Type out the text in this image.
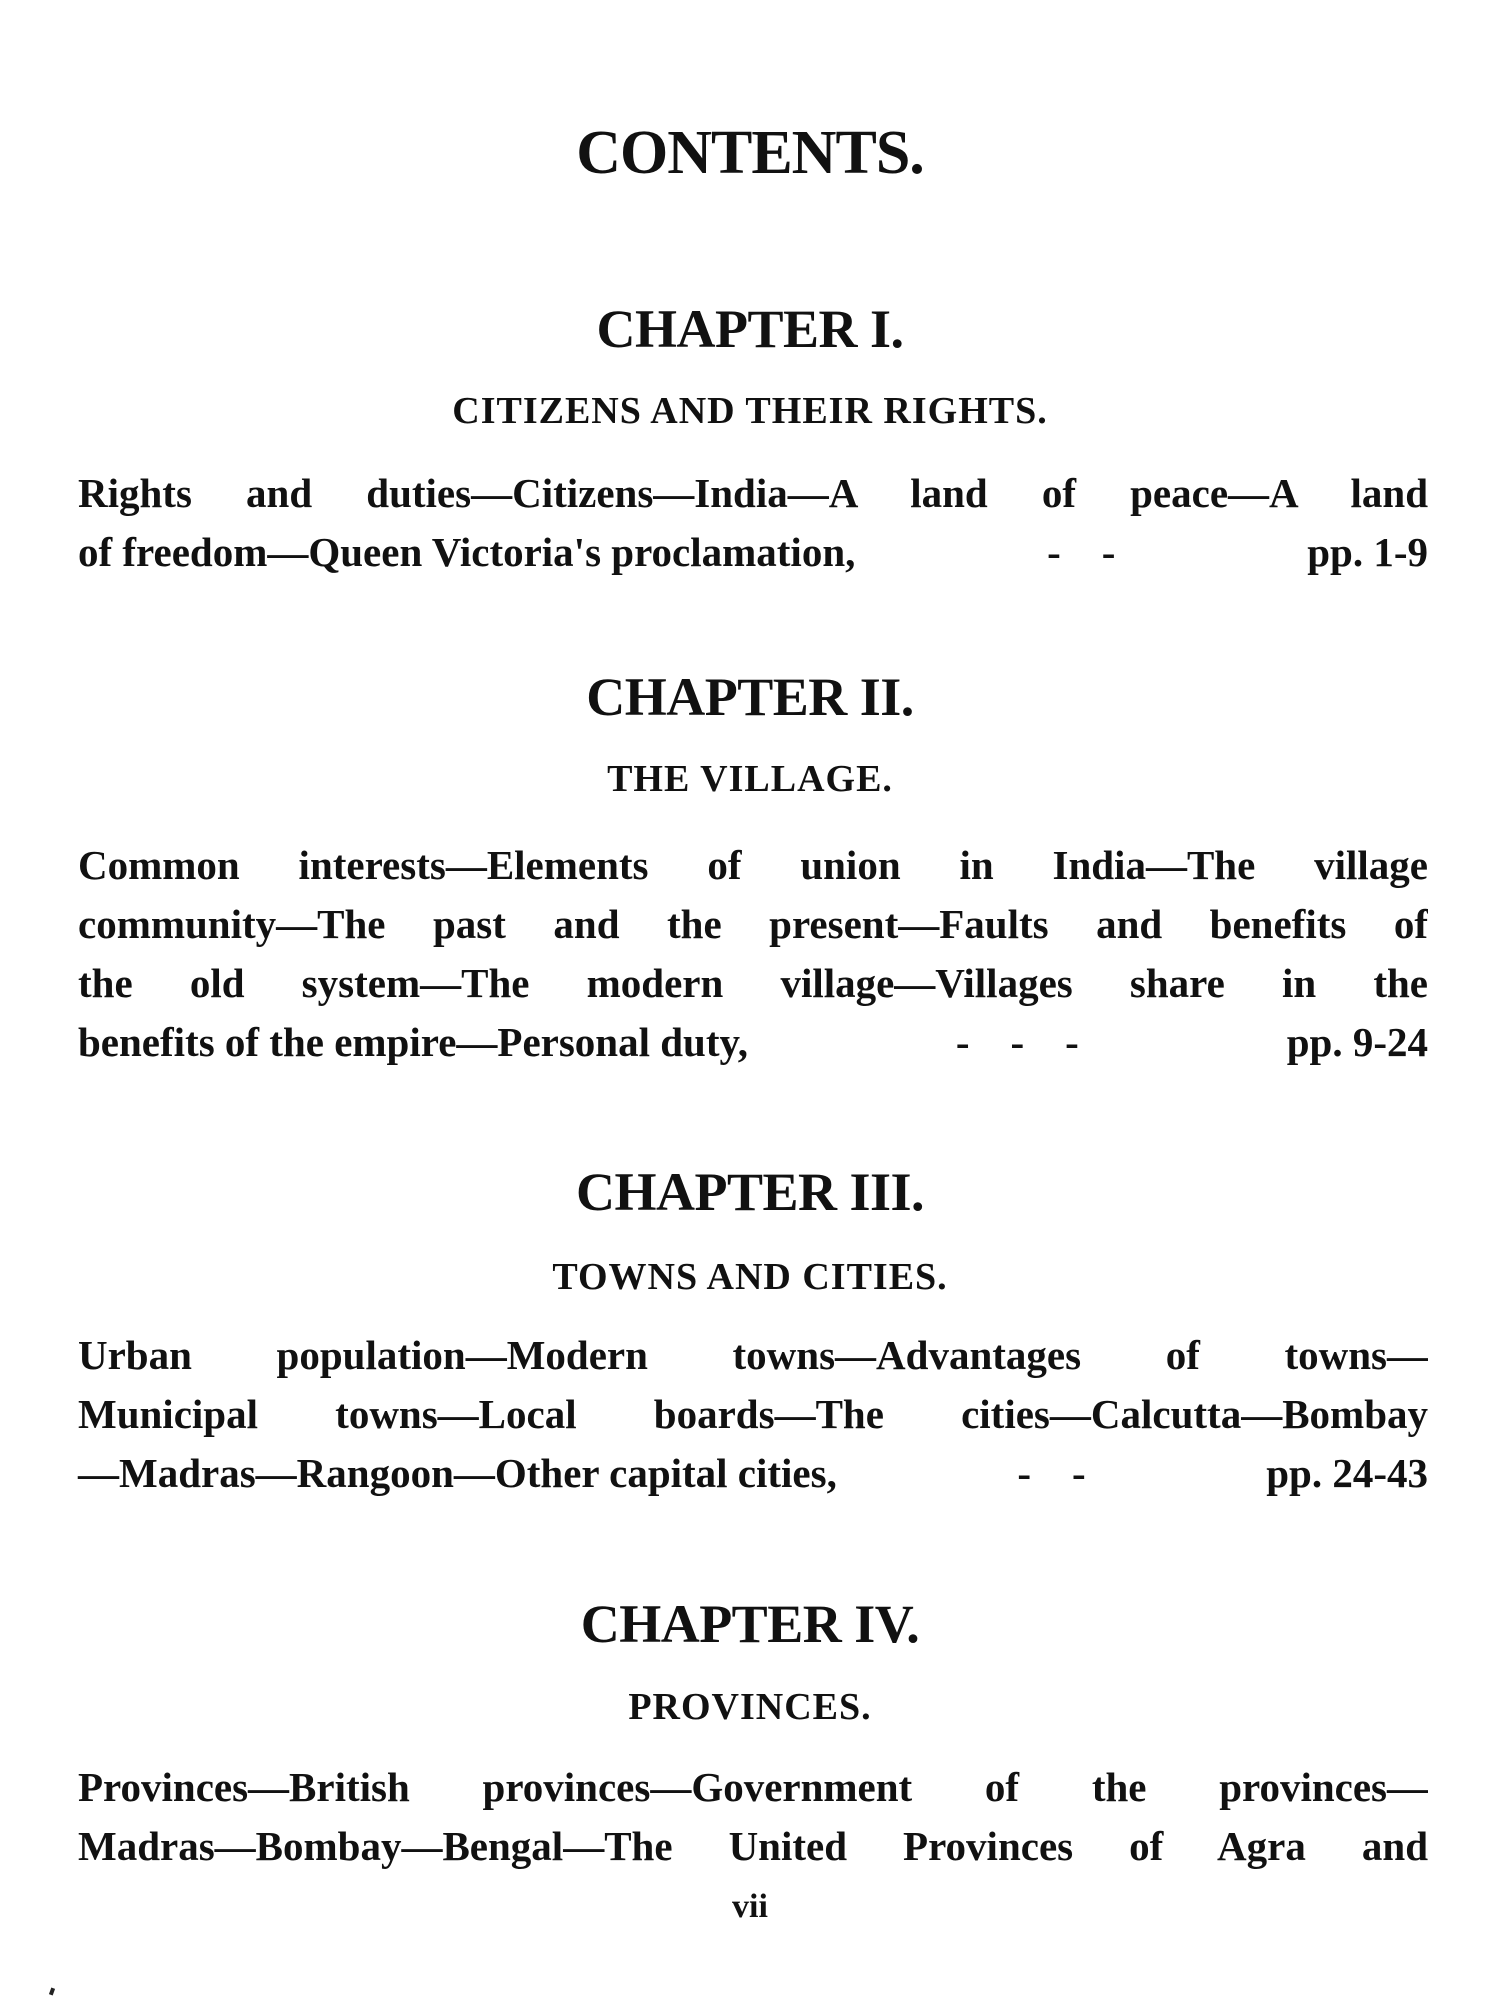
CONTENTS.
CHAPTER I.
CITIZENS AND THEIR RIGHTS.
Rights and duties—Citizens—India—A land of peace—A land
of freedom—Queen Victoria's proclamation,	-    -	pp. 1-9
CHAPTER II.
THE VILLAGE.
Common interests—Elements of union in India—The village
community—The past and the present—Faults and benefits of
the old system—The modern village—Villages share in the
benefits of the empire—Personal duty,	-    -    -	pp. 9-24
CHAPTER III.
TOWNS AND CITIES.
Urban population—Modern towns—Advantages of towns—
Municipal towns—Local boards—The cities—Calcutta—Bombay
—Madras—Rangoon—Other capital cities,	-    -	pp. 24-43
CHAPTER IV.
PROVINCES.
Provinces—British provinces—Government of the provinces—
Madras—Bombay—Bengal—The United Provinces of Agra and
vii
